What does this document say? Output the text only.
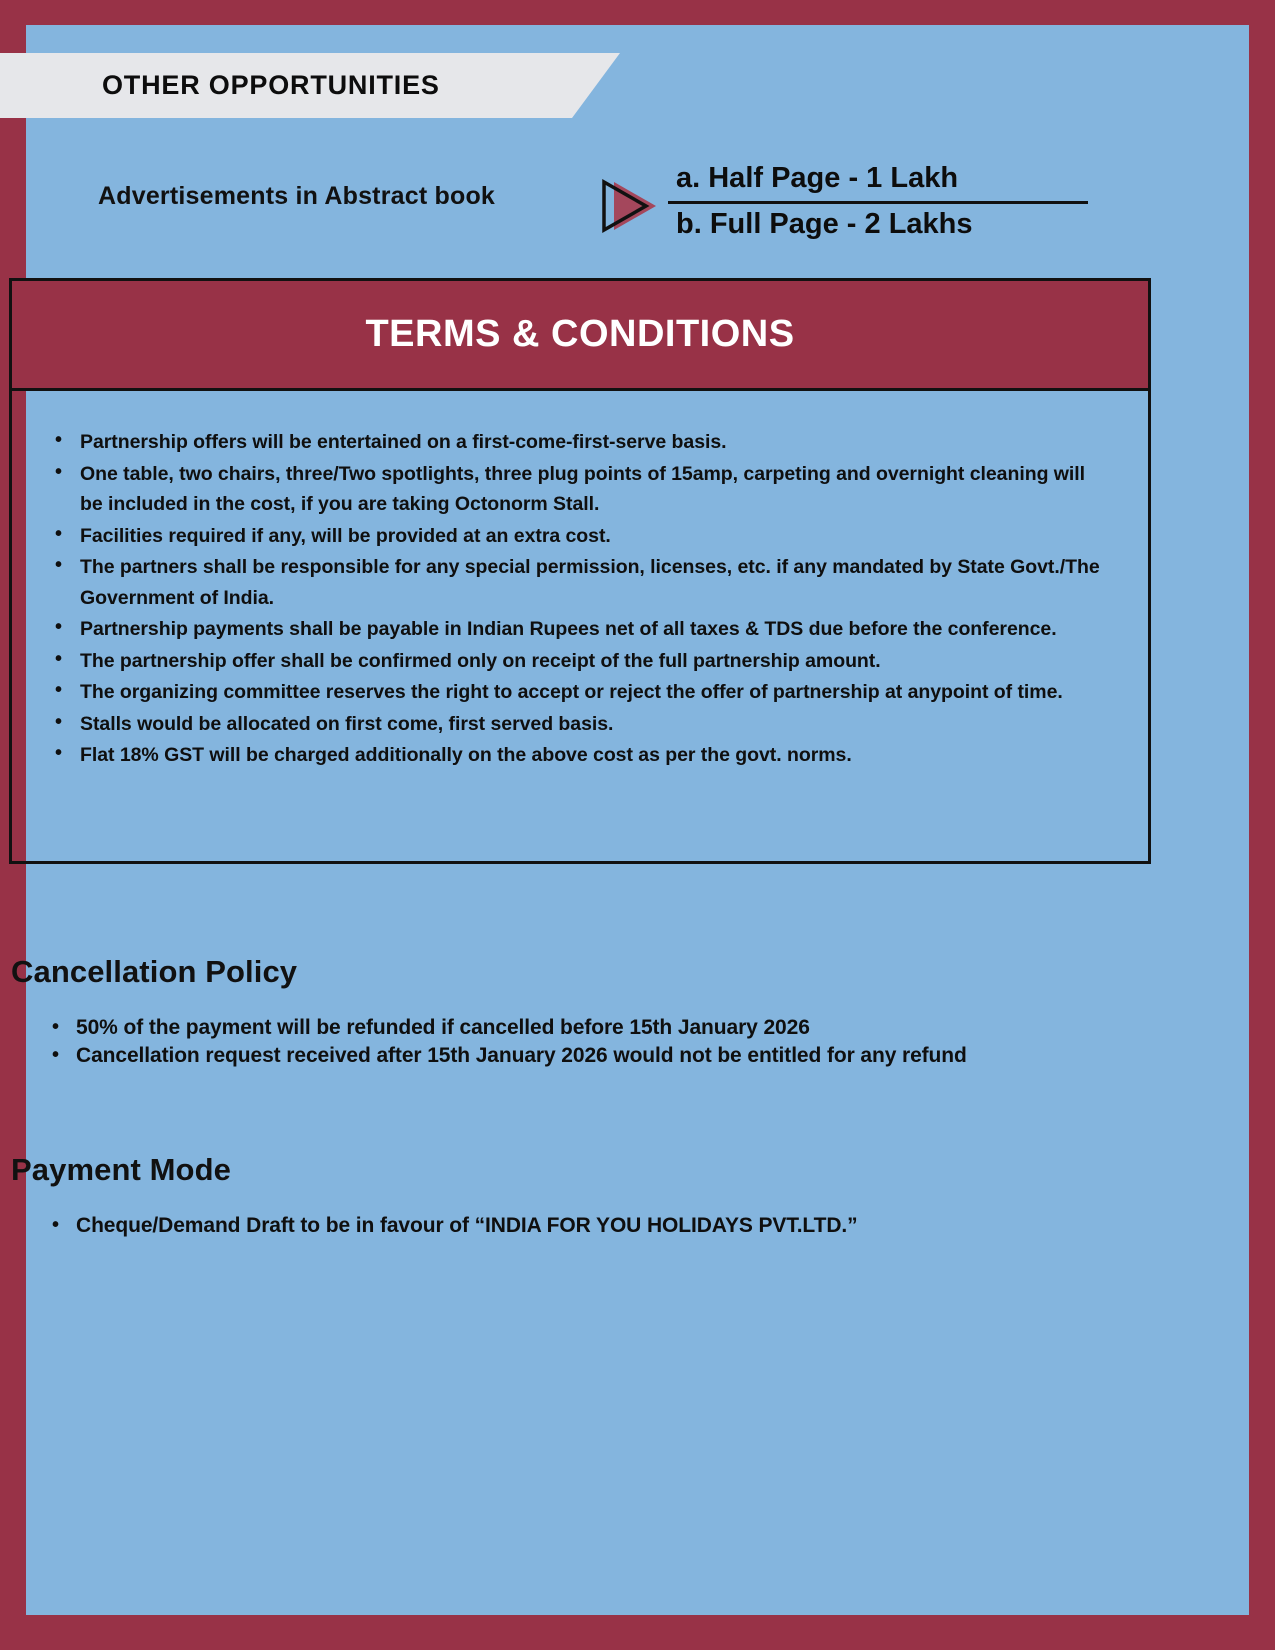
OTHER OPPORTUNITIES
Advertisements in Abstract book
a. Half Page - 1 Lakh
b. Full Page - 2 Lakhs
TERMS & CONDITIONS
• Partnership offers will be entertained on a first-come-first-serve basis.
• One table, two chairs, three/Two spotlights, three plug points of 15amp, carpeting and overnight cleaning will be included in the cost, if you are taking Octonorm Stall.
• Facilities required if any, will be provided at an extra cost.
• The partners shall be responsible for any special permission, licenses, etc. if any mandated by State Govt./The Government of India.
• Partnership payments shall be payable in Indian Rupees net of all taxes & TDS due before the conference.
• The partnership offer shall be confirmed only on receipt of the full partnership amount.
• The organizing committee reserves the right to accept or reject the offer of partnership at anypoint of time.
• Stalls would be allocated on first come, first served basis.
• Flat 18% GST will be charged additionally on the above cost as per the govt. norms.
Cancellation Policy
• 50% of the payment will be refunded if cancelled before 15th January 2026
• Cancellation request received after 15th January 2026 would not be entitled for any refund
Payment Mode
• Cheque/Demand Draft to be in favour of “INDIA FOR YOU HOLIDAYS PVT.LTD.”
